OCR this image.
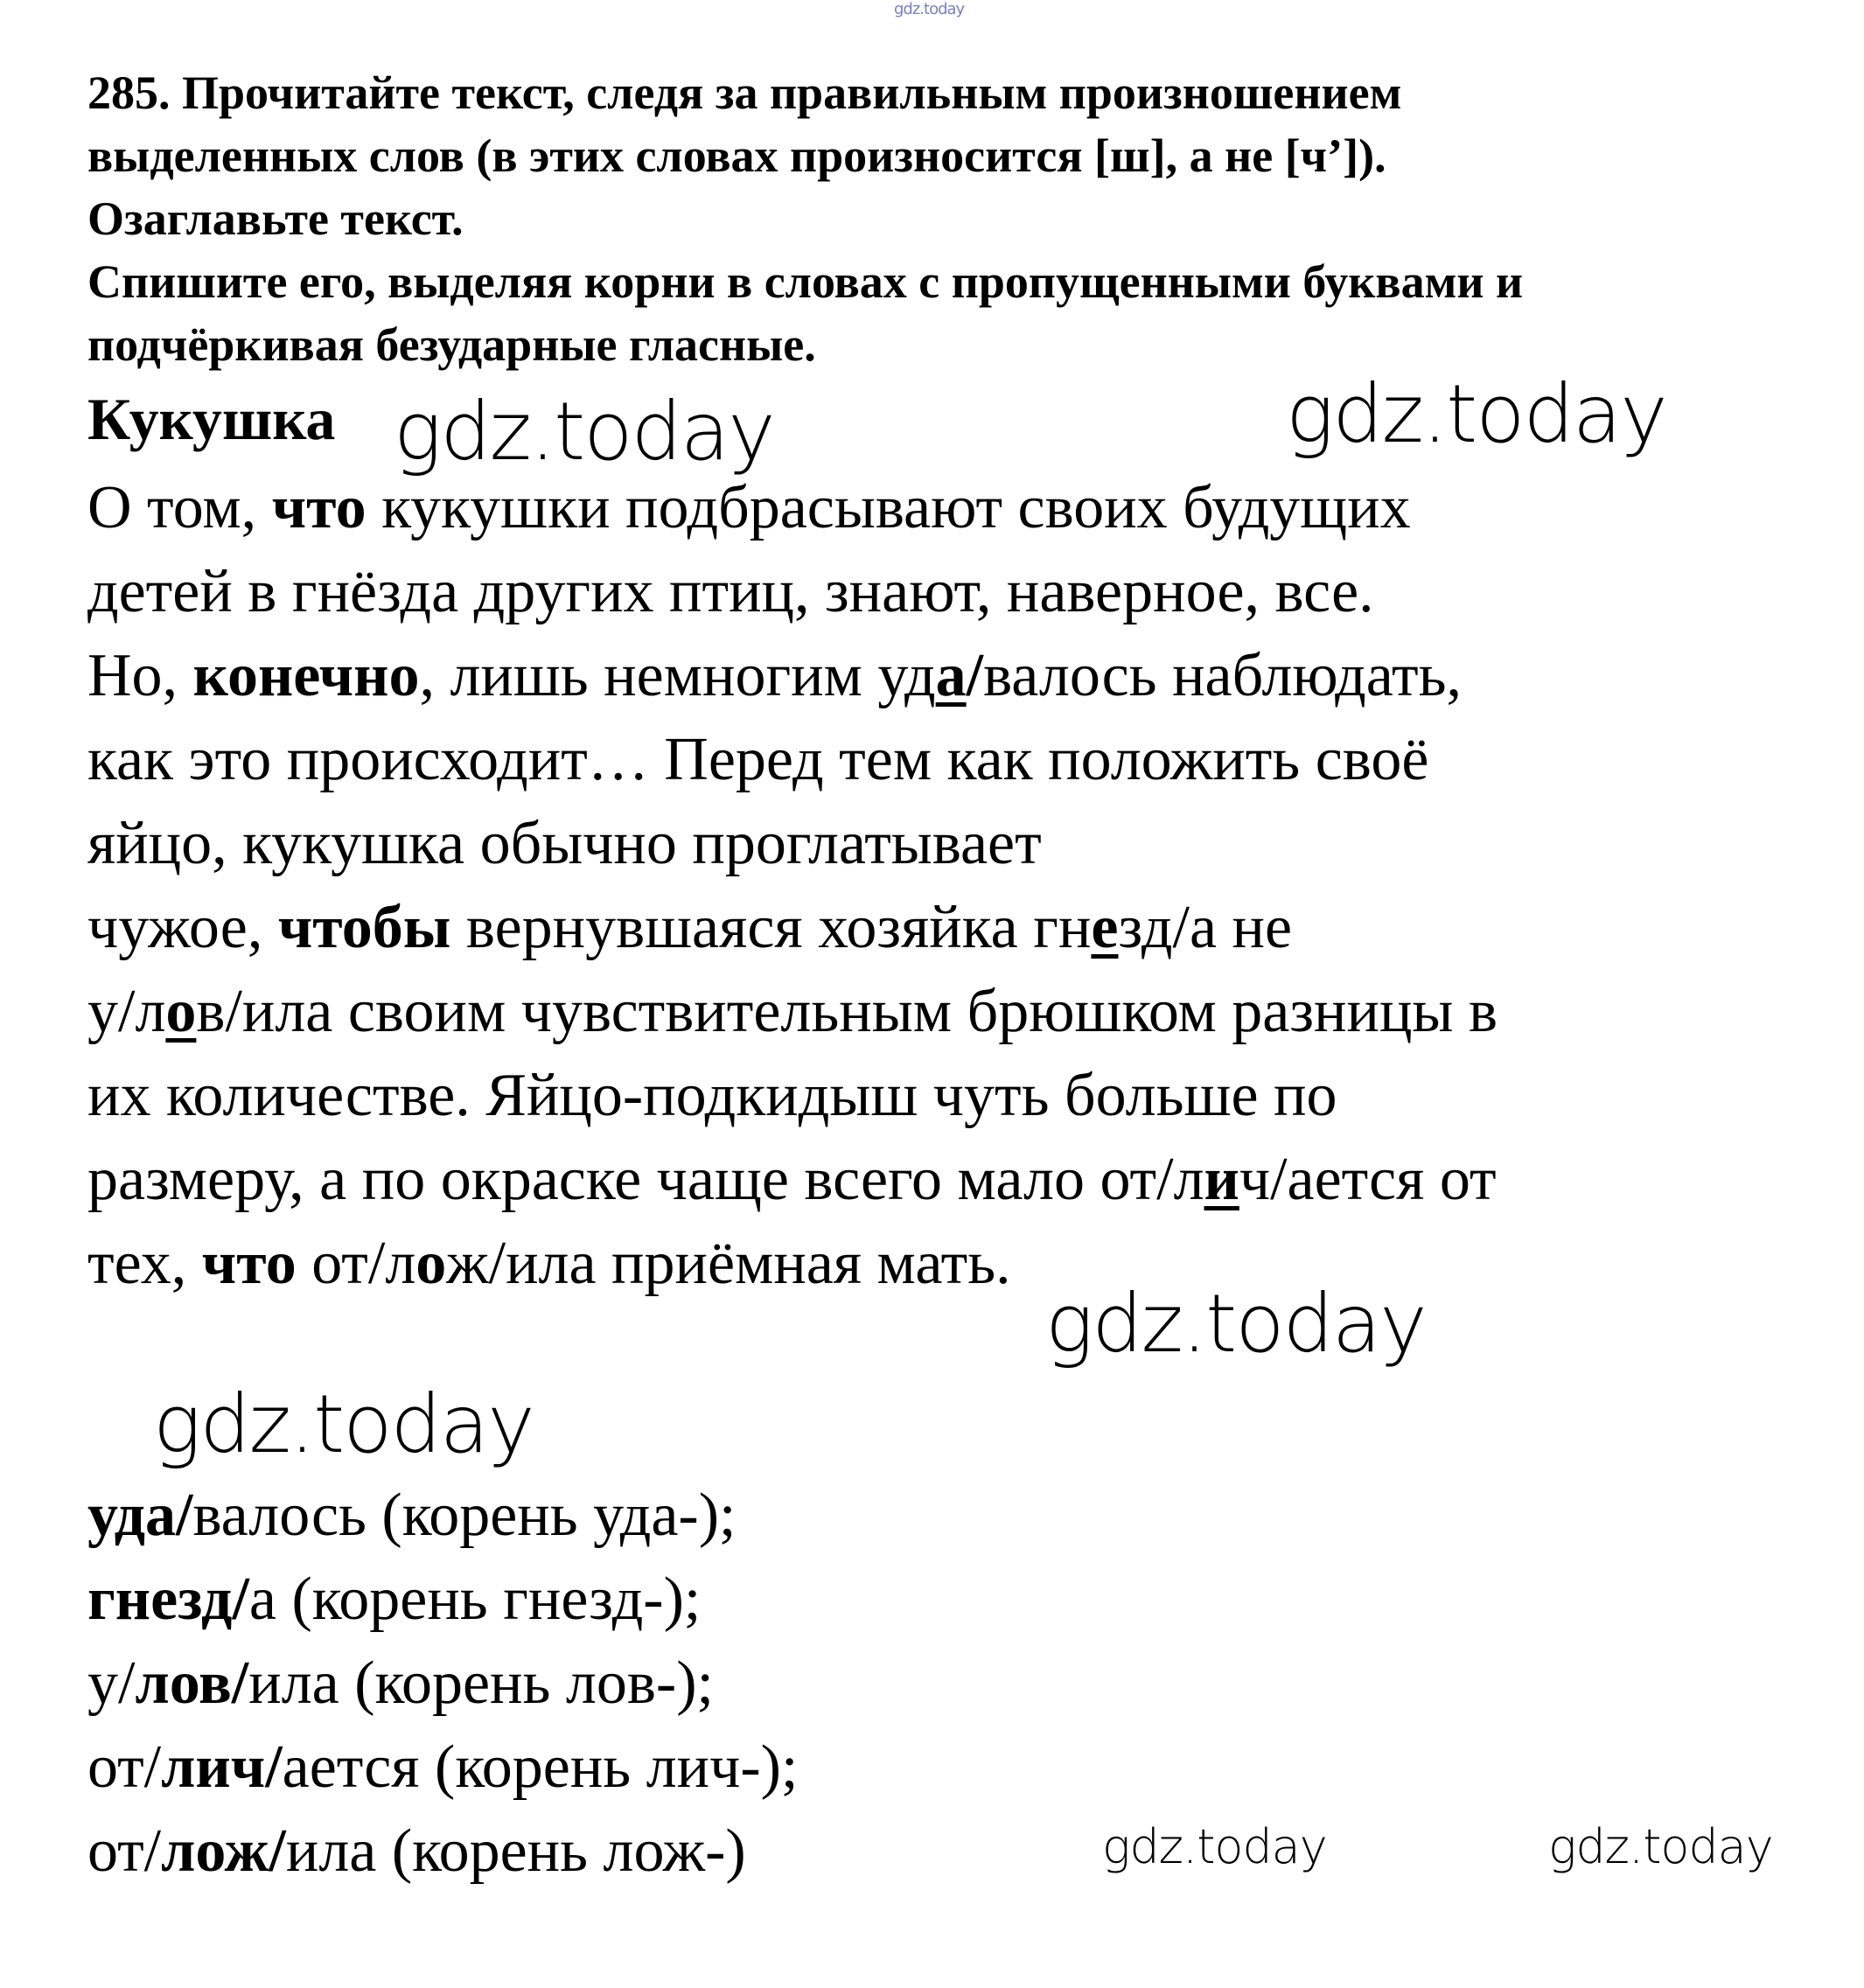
gdz.today

285. Прочитайте текст, следя за правильным произношением

выделенных слов (в этих словах произносится [ш], а не [ч’]).

Озаглавьте текст.

Спишите его, выделяя корни в словах с пропущенными буквами и

подчёркивая безударные гласные.

Кукушка
О том, что кукушки подбрасывают своих будущих
детей в гнёзда других птиц, знают, наверное, все.
Но, конечно, лишь немногим уда/валось наблюдать,
как это происходит… Перед тем как положить своё
яйцо, кукушка обычно проглатывает
чужое, чтобы вернувшаяся хозяйка гнезд/а не
у/лов/ила своим чувствительным брюшком разницы в
их количестве. Яйцо-подкидыш чуть больше по
размеру, а по окраске чаще всего мало от/лич/ается от
тех, что от/лож/ила приёмная мать.
уда/валось (корень уда-);
гнезд/а (корень гнезд-);
у/лов/ила (корень лов-);
от/лич/ается (корень лич-);
от/лож/ила (корень лож-)
gdz.today	gdz.today
gdz.today
gdz.today
gdz.today	gdz.today
